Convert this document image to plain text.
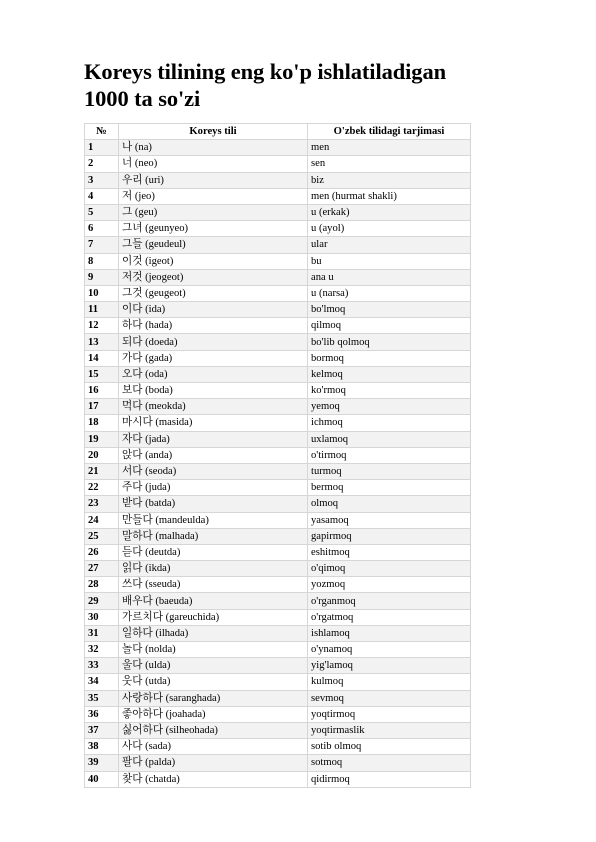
Koreys tilining eng ko'p ishlatiladigan 1000 ta so'zi
№	Koreys tili	O'zbek tilidagi tarjimasi
1	나 (na)	men
2	너 (neo)	sen
3	우리 (uri)	biz
4	저 (jeo)	men (hurmat shakli)
5	그 (geu)	u (erkak)
6	그녀 (geunyeo)	u (ayol)
7	그들 (geudeul)	ular
8	이것 (igeot)	bu
9	저것 (jeogeot)	ana u
10	그것 (geugeot)	u (narsa)
11	이다 (ida)	bo'lmoq
12	하다 (hada)	qilmoq
13	되다 (doeda)	bo'lib qolmoq
14	가다 (gada)	bormoq
15	오다 (oda)	kelmoq
16	보다 (boda)	ko'rmoq
17	먹다 (meokda)	yemoq
18	마시다 (masida)	ichmoq
19	자다 (jada)	uxlamoq
20	앉다 (anda)	o'tirmoq
21	서다 (seoda)	turmoq
22	주다 (juda)	bermoq
23	받다 (batda)	olmoq
24	만들다 (mandeulda)	yasamoq
25	말하다 (malhada)	gapirmoq
26	듣다 (deutda)	eshitmoq
27	읽다 (ikda)	o'qimoq
28	쓰다 (sseuda)	yozmoq
29	배우다 (baeuda)	o'rganmoq
30	가르치다 (gareuchida)	o'rgatmoq
31	일하다 (ilhada)	ishlamoq
32	놀다 (nolda)	o'ynamoq
33	울다 (ulda)	yig'lamoq
34	웃다 (utda)	kulmoq
35	사랑하다 (saranghada)	sevmoq
36	좋아하다 (joahada)	yoqtirmoq
37	싫어하다 (silheohada)	yoqtirmaslik
38	사다 (sada)	sotib olmoq
39	팔다 (palda)	sotmoq
40	찾다 (chatda)	qidirmoq
